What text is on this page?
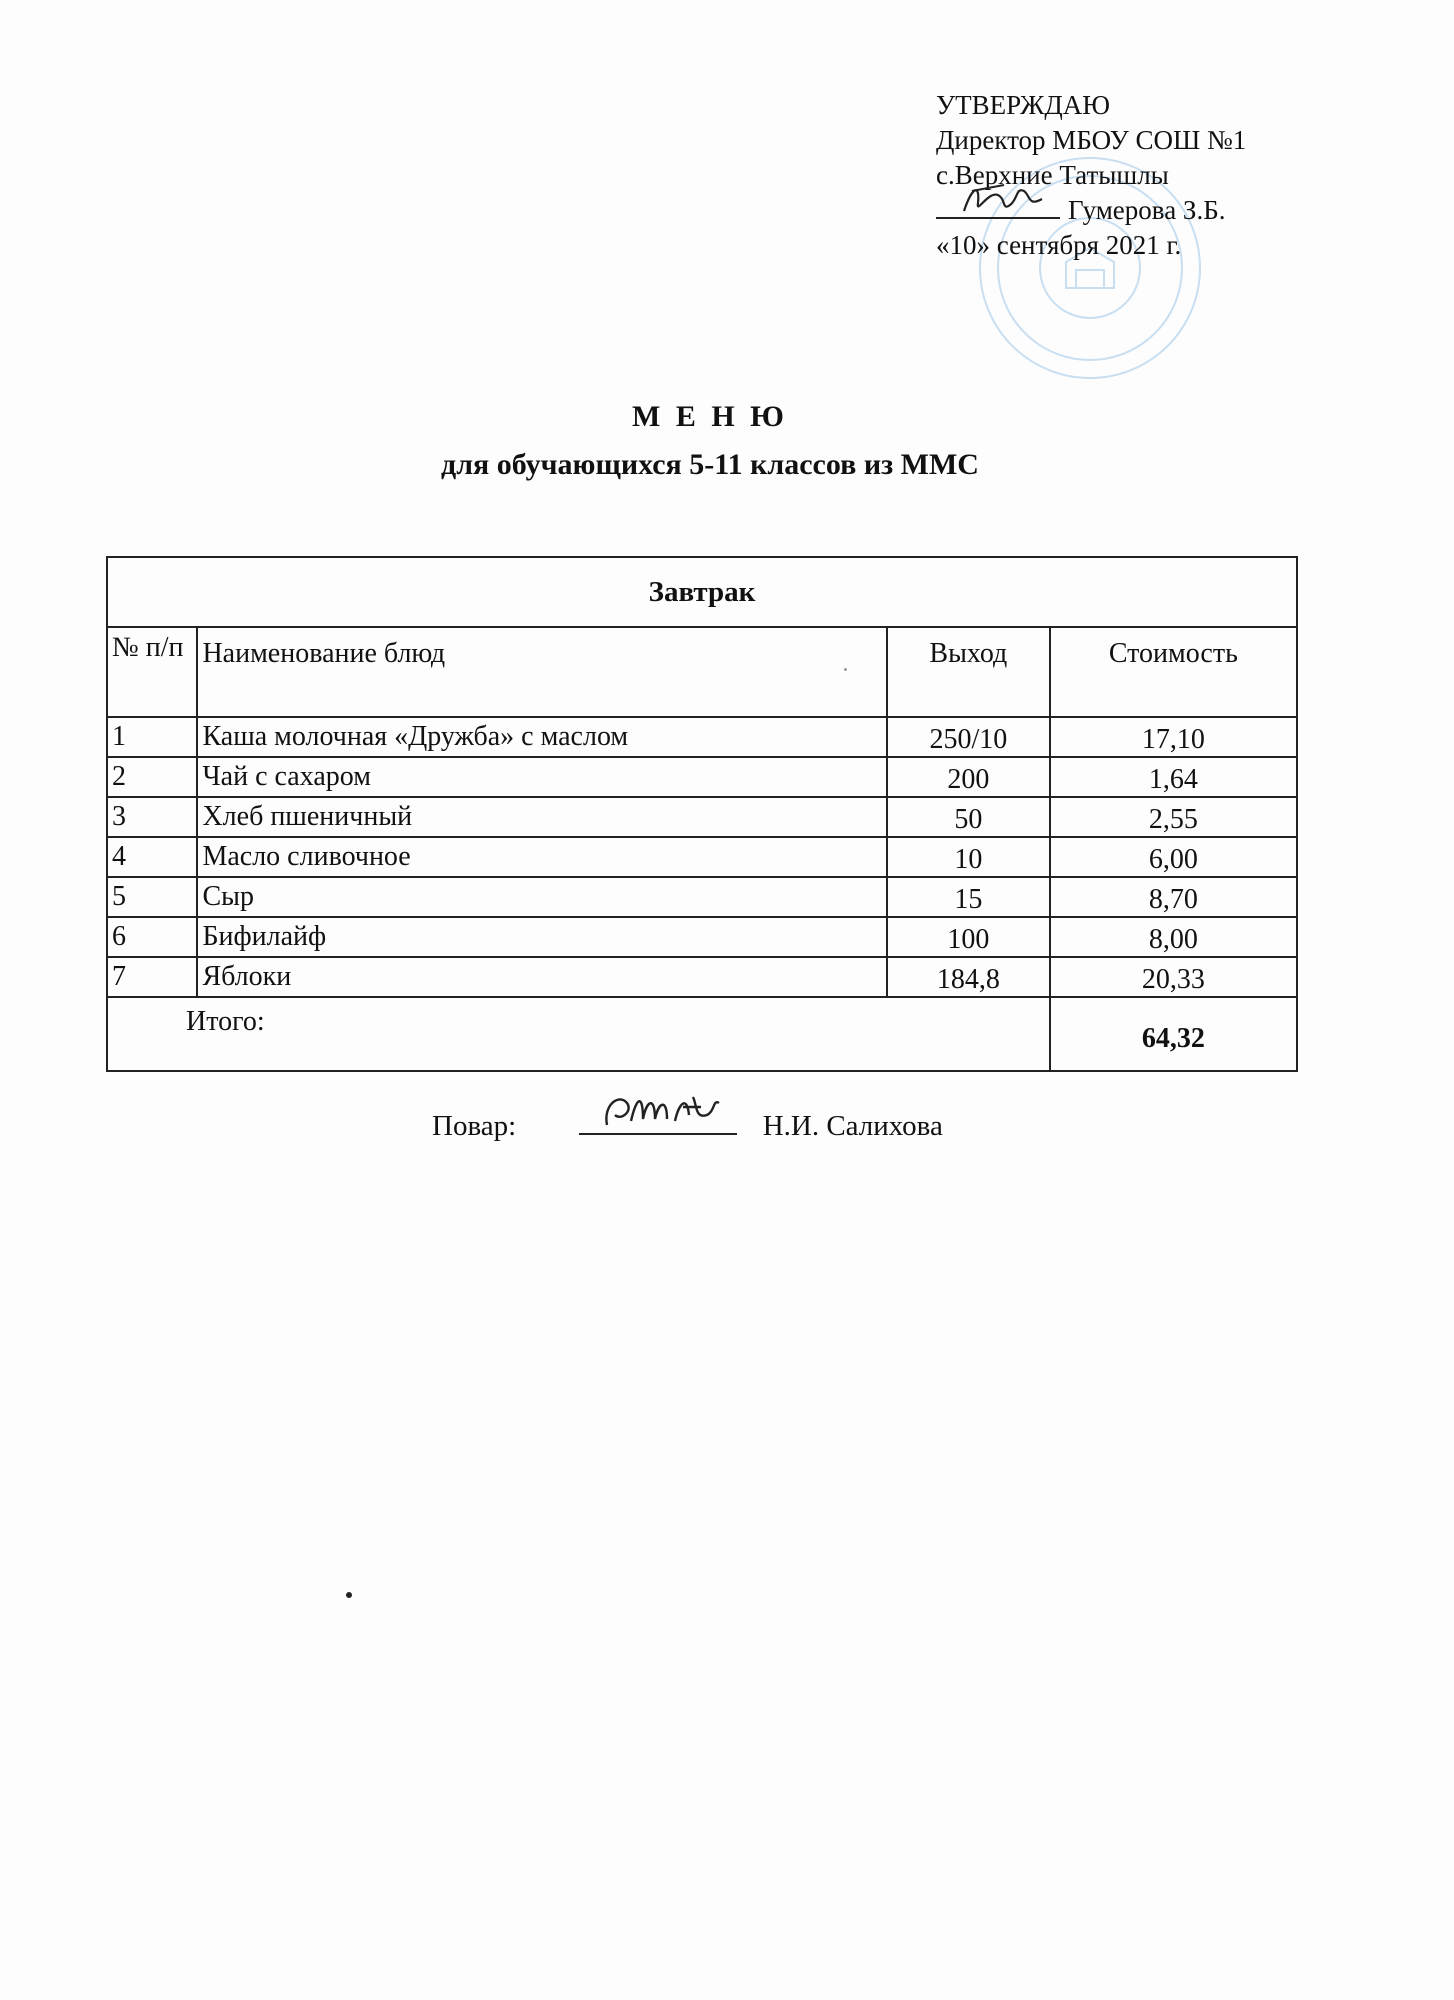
УТВЕРЖДАЮ
Директор МБОУ СОШ №1
с.Верхние Татышлы
Гумерова З.Б.
«10» сентября 2021 г.
М Е Н Ю
для обучающихся 5-11 классов из ММС
Завтрак			
№ п/п	Наименование блюд	Выход	Стоимость
1	Каша молочная «Дружба» с маслом	250/10	17,10
2	Чай с сахаром	200	1,64
3	Хлеб пшеничный	50	2,55
4	Масло сливочное	10	6,00
5	Сыр	15	8,70
6	Бифилайф	100	8,00
7	Яблоки	184,8	20,33
Итого:			64,32
Повар:	Н.И. Салихова
